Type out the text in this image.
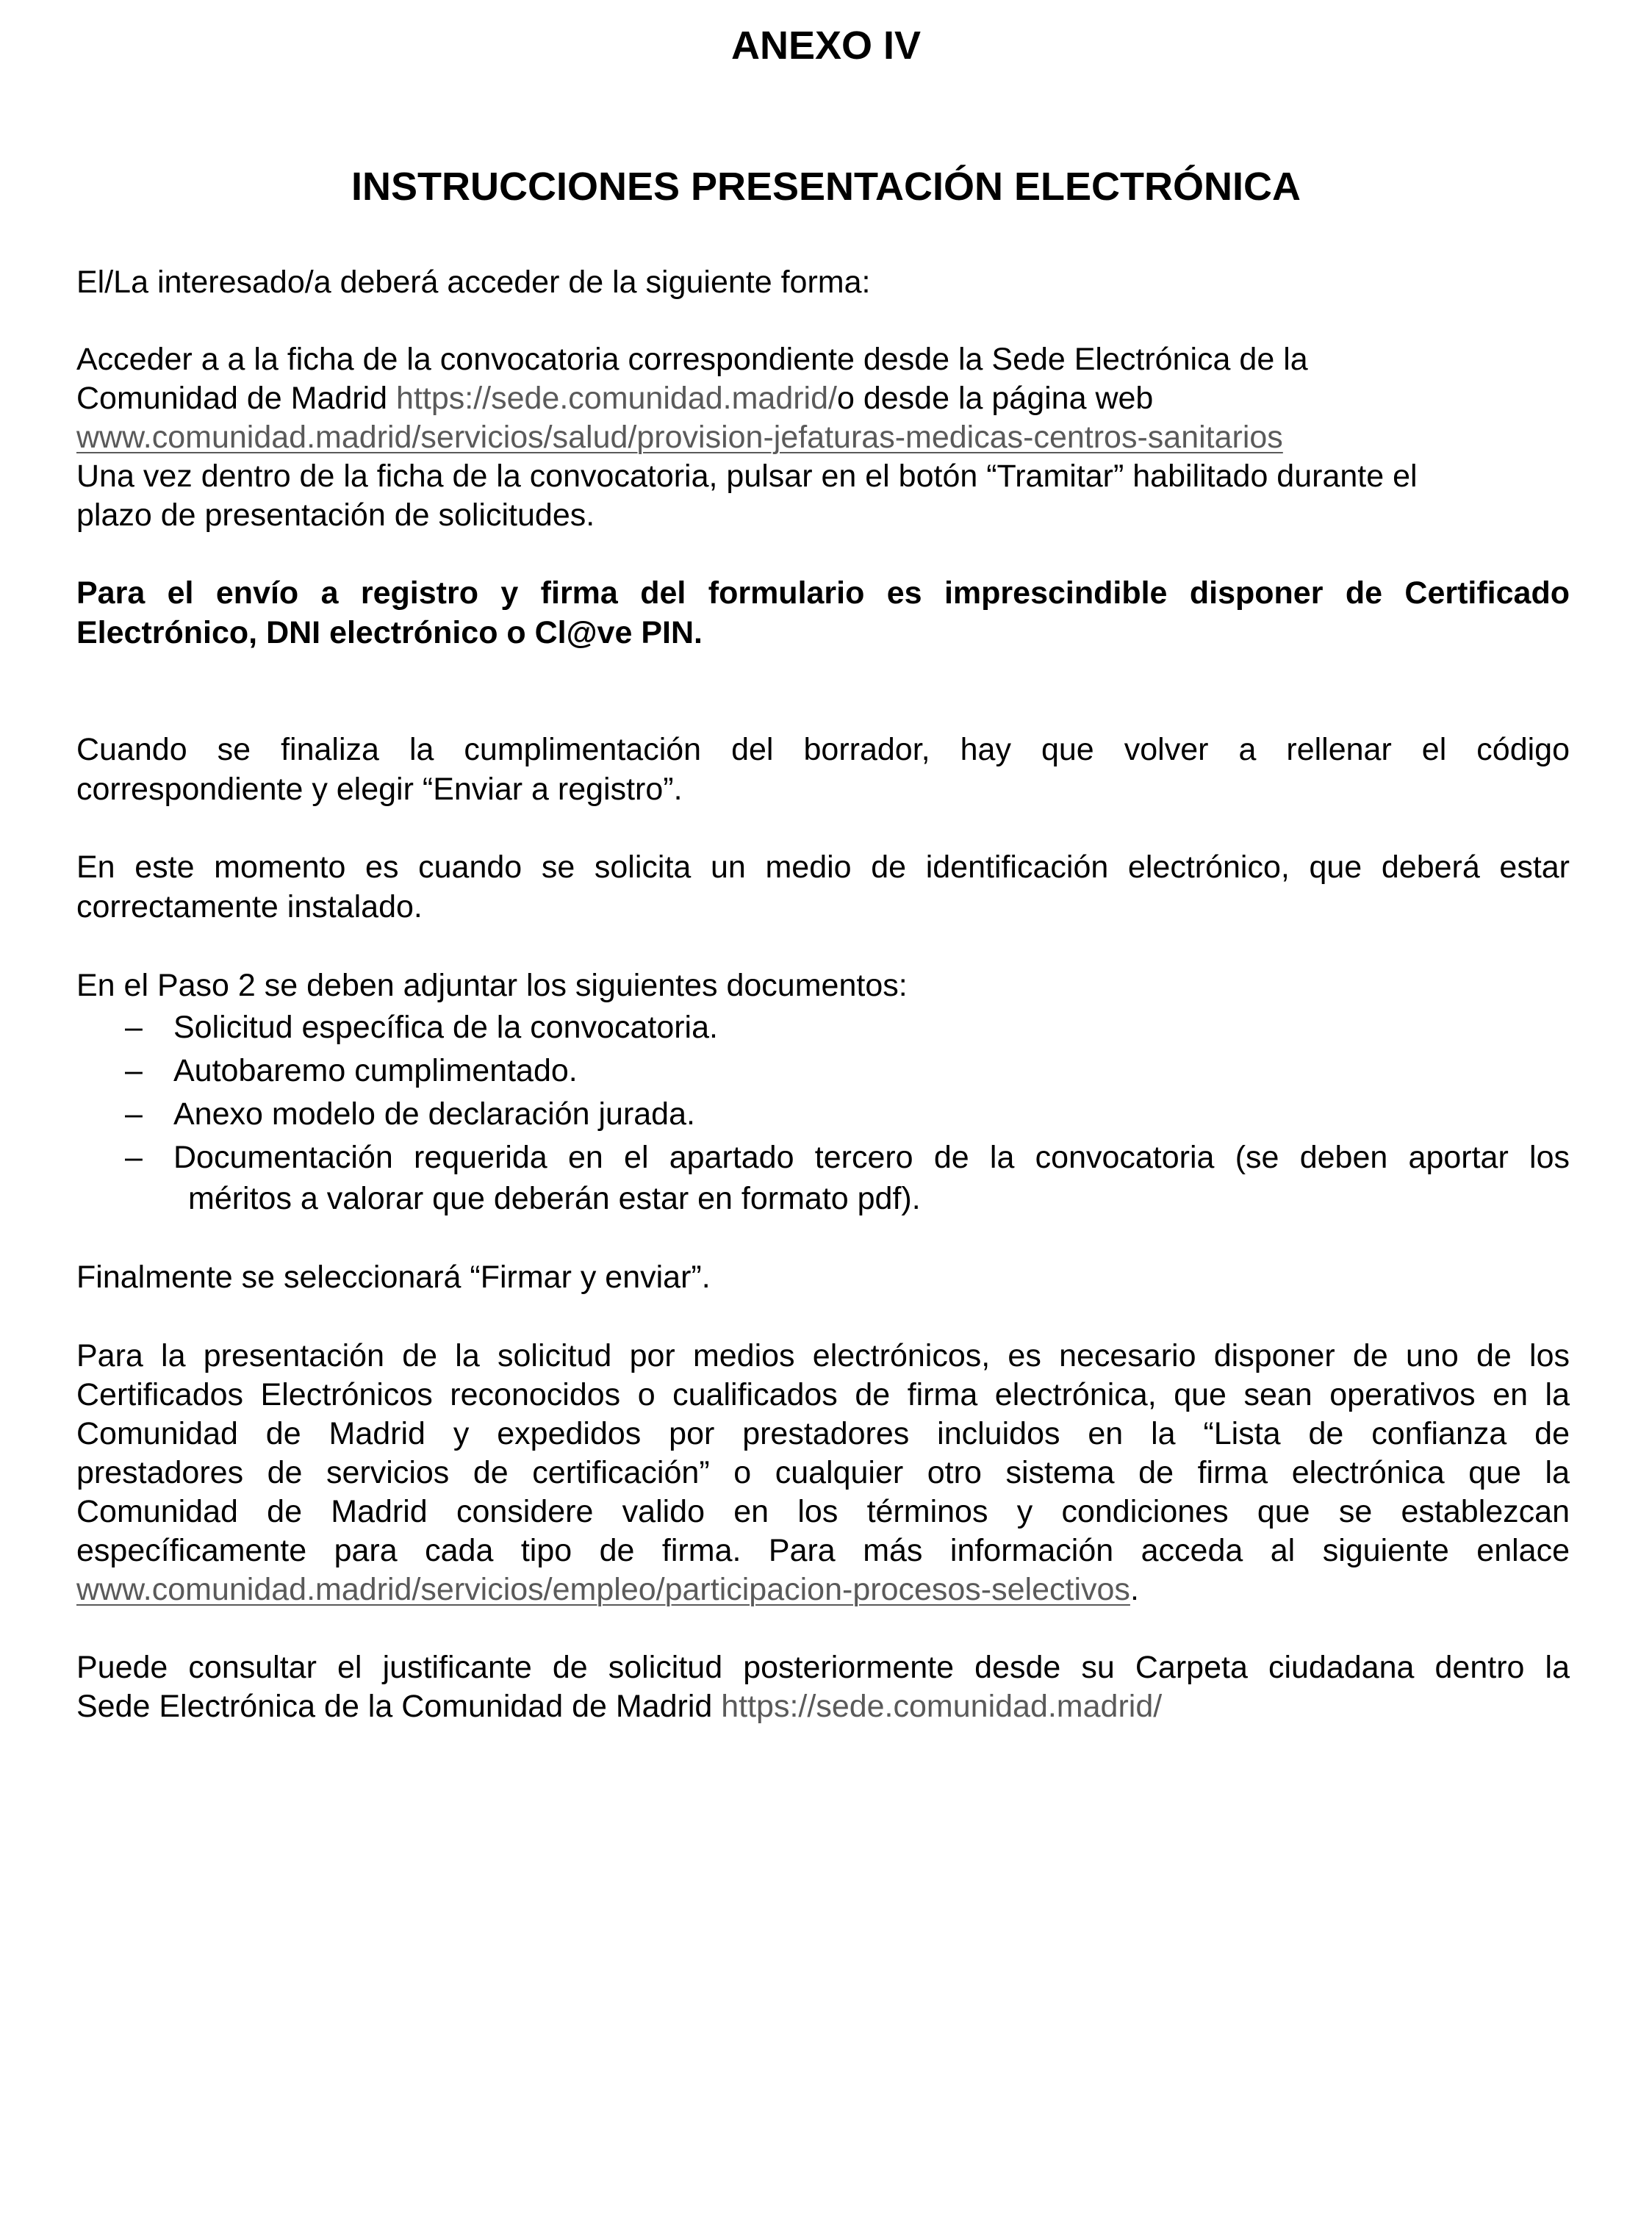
ANEXO IV
INSTRUCCIONES PRESENTACIÓN ELECTRÓNICA

El/La interesado/a deberá acceder de la siguiente forma:

Acceder a a la ficha de la convocatoria correspondiente desde la Sede Electrónica de la

Comunidad de Madrid https://sede.comunidad.madrid/o desde la página web

www.comunidad.madrid/servicios/salud/provision-jefaturas-medicas-centros-sanitarios

Una vez dentro de la ficha de la convocatoria, pulsar en el botón “Tramitar” habilitado durante el

plazo de presentación de solicitudes.

Para el envío a registro y firma del formulario es imprescindible disponer de Certificado

Electrónico, DNI electrónico o Cl@ve PIN.

Cuando se finaliza la cumplimentación del borrador, hay que volver a rellenar el código

correspondiente y elegir “Enviar a registro”.

En este momento es cuando se solicita un medio de identificación electrónico, que deberá estar

correctamente instalado.

En el Paso 2 se deben adjuntar los siguientes documentos:

– Solicitud específica de la convocatoria.
– Autobaremo cumplimentado.
– Anexo modelo de declaración jurada.
– Documentación requerida en el apartado tercero de la convocatoria (se deben aportar los
méritos a valorar que deberán estar en formato pdf).

Finalmente se seleccionará “Firmar y enviar”.

Para la presentación de la solicitud por medios electrónicos, es necesario disponer de uno de los

Certificados Electrónicos reconocidos o cualificados de firma electrónica, que sean operativos en la

Comunidad de Madrid y expedidos por prestadores incluidos en la “Lista de confianza de

prestadores de servicios de certificación” o cualquier otro sistema de firma electrónica que la

Comunidad de Madrid considere valido en los términos y condiciones que se establezcan

específicamente para cada tipo de firma. Para más información acceda al siguiente enlace

www.comunidad.madrid/servicios/empleo/participacion-procesos-selectivos.

Puede consultar el justificante de solicitud posteriormente desde su Carpeta ciudadana dentro la

Sede Electrónica de la Comunidad de Madrid https://sede.comunidad.madrid/
